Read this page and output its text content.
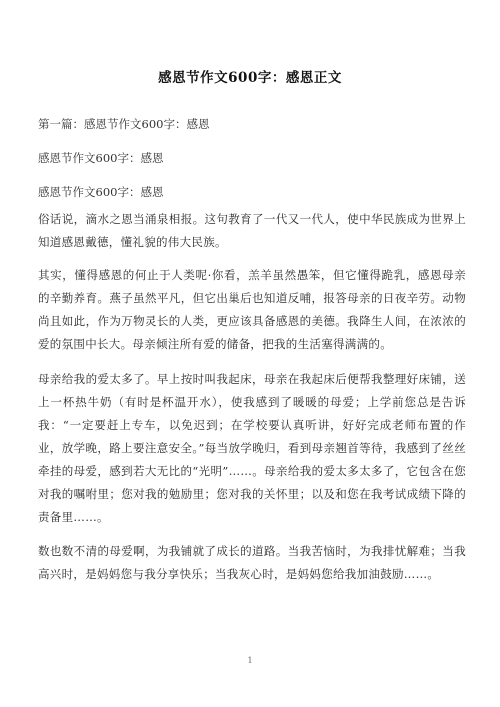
感恩节作文600字：感恩正文
第一篇：感恩节作文600字：感恩
感恩节作文600字：感恩
感恩节作文600字：感恩
俗话说，滴水之恩当涌泉相报。这句教育了一代又一代人，使中华民族成为世界上知道感恩戴德，懂礼貌的伟大民族。
其实，懂得感恩的何止于人类呢·你看，羔羊虽然愚笨，但它懂得跪乳，感恩母亲的辛勤养育。燕子虽然平凡，但它出巢后也知道反哺，报答母亲的日夜辛劳。动物尚且如此，作为万物灵长的人类，更应该具备感恩的美德。我降生人间，在浓浓的爱的氛围中长大。母亲倾注所有爱的储备，把我的生活塞得满满的。
母亲给我的爱太多了。早上按时叫我起床，母亲在我起床后便帮我整理好床铺，送上一杯热牛奶（有时是杯温开水），使我感到了暖暖的母爱；上学前您总是告诉我：“一定要赶上专车，以免迟到；在学校要认真听讲，好好完成老师布置的作业，放学晚，路上要注意安全。”每当放学晚归，看到母亲翘首等待，我感到了丝丝牵挂的母爱，感到若大无比的“光明”……。母亲给我的爱太多太多了，它包含在您对我的嘱咐里；您对我的勉励里；您对我的关怀里；以及和您在我考试成绩下降的责备里……。
数也数不清的母爱啊，为我铺就了成长的道路。当我苦恼时，为我排忧解难；当我高兴时，是妈妈您与我分享快乐；当我灰心时，是妈妈您给我加油鼓励……。
1
